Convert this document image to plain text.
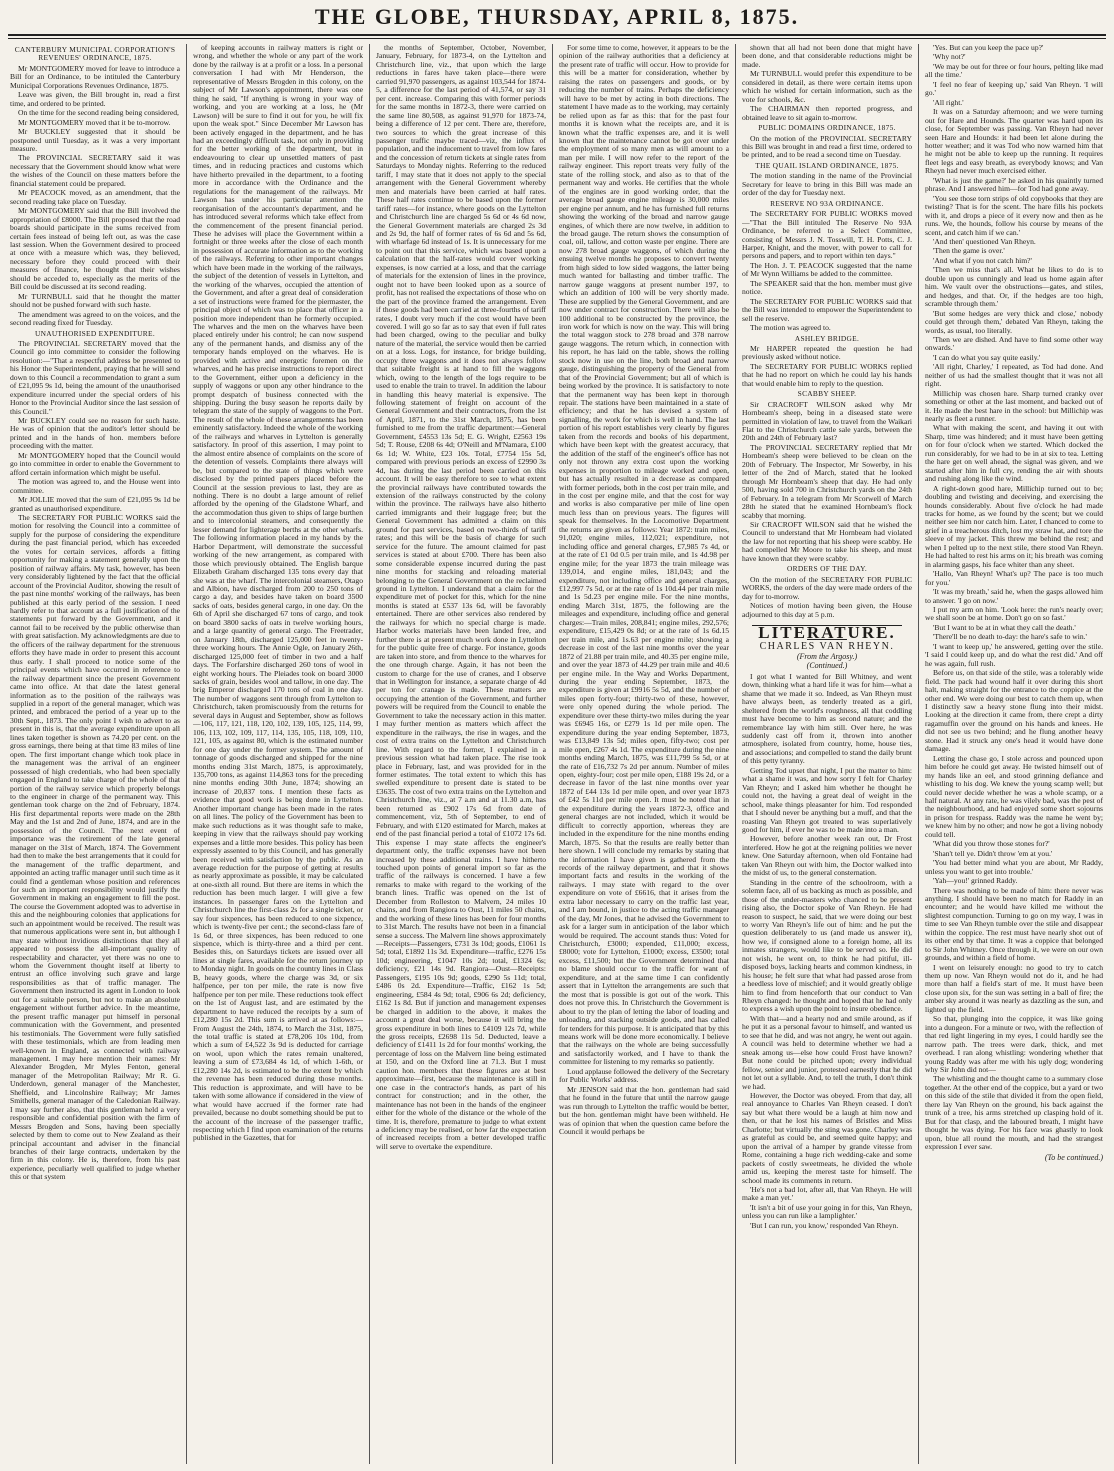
THE GLOBE, THURSDAY, APRIL 8, 1875.
CANTERBURY MUNICIPAL CORPORATION'S REVENUES' ORDINANCE, 1875.

Mr MONTGOMERY moved for leave to introduce a Bill for an Ordinance, to be intituled the Canterbury Municipal Corporations Revenues Ordinance, 1875.

Leave was given, the Bill brought in, read a first time, and ordered to be printed.

On the time for the second reading being considered,

Mr MONTGOMERY moved that it be to-morrow.

Mr BUCKLEY suggested that it should be postponed until Tuesday, as it was a very important measure.

The PROVINCIAL SECRETARY said it was necessary that the Government should know what were the wishes of the Council on these matters before the financial statement could be prepared.

Mr PEACOCK moved, as an amendment, that the second reading take place on Tuesday.

Mr MONTGOMERY said that the Bill involved the appropriation of £8000. The Bill proposed that the road boards should participate in the sums received from certain fees instead of being left out, as was the case last session. When the Government desired to proceed at once with a measure which was, they believed, necessary before they could proceed with their measures of finance, he thought that their wishes should be acceded to, especially as the merits of the Bill could be discussed at its second reading.

Mr TURNBULL said that he thought the matter should not be pushed forward with such haste.

The amendment was agreed to on the voices, and the second reading fixed for Tuesday.

UNAUTHORISED EXPENDITURE.

The PROVINCIAL SECRETARY moved that the Council go into committee to consider the following resolution:—"That a respectful address be presented to his Honor the Superintendent, praying that he will send down to this Council a recommendation to grant a sum of £21,095 9s 1d, being the amount of the unauthorised expenditure incurred under the special orders of his Honor to the Provincial Auditor since the last session of this Council."

Mr BUCKLEY could see no reason for such haste. He was of opinion that the auditor's letter should be printed and in the hands of hon. members before proceeding with the matter.

Mr MONTGOMERY hoped that the Council would go into committee in order to enable the Government to afford certain information which might be useful.

The motion was agreed to, and the House went into committee.

Mr JOLLIE moved that the sum of £21,095 9s 1d be granted as unauthorised expenditure.

The SECRETARY FOR PUBLIC WORKS said the motion for resolving the Council into a committee of supply for the purpose of considering the expenditure during the past financial period, which has exceeded the votes for certain services, affords a fitting opportunity for making a statement generally upon the position of railway affairs. My task, however, has been very considerably lightened by the fact that the official account of the Provincial Auditor, showing the result of the past nine months' working of the railways, has been published at this early period of the session. I need hardly refer to that account as a full justification of the statements put forward by the Government, and it cannot fail to be received by the public otherwise than with great satisfaction. My acknowledgments are due to the officers of the railway department for the strenuous efforts they have made in order to present this account thus early. I shall proceed to notice some of the principal events which have occurred in reference to the railway department since the present Government came into office. At that date the latest general information as to the position of the railways was supplied in a report of the general manager, which was printed, and embraced the period of a year up to the 30th Sept., 1873. The only point I wish to advert to as present in this is, that the average expenditure upon all lines taken together is shown as 74.20 per cent. on the gross earnings, there being at that time 83 miles of line open. The first important change which took place in the management was the arrival of an engineer possessed of high credentials, who had been specially engaged in England to take charge of the whole of that portion of the railway service which properly belongs to the engineer in charge of the permanent way. This gentleman took charge on the 2nd of February, 1874. His first departmental reports were made on the 28th May and the 1st and 2nd of June, 1874, and are in the possession of the Council. The next event of importance was the retirement of the late general manager on the 31st of March, 1874. The Government had then to make the best arrangements that it could for the management of the traffic department, and appointed an acting traffic manager until such time as it could find a gentleman whose position and references for such an important responsibility would justify the Government in making an engagement to fill the post. The course the Government adopted was to advertise in this and the neighbouring colonies that applications for such an appointment would be received. The result was that numerous applications were sent in, but although I may state without invidious distinctions that they all appeared to possess the all-important quality of respectability and character, yet there was no one to whom the Government thought itself at liberty to entrust an office involving such grave and large responsibilities as that of traffic manager. The Government then instructed its agent in London to look out for a suitable person, but not to make an absolute engagement without further advice. In the meantime, the present traffic manager put himself in personal communication with the Government, and presented his testimonials. The Government were fully satisfied with these testimonials, which are from leading men well-known in England, as connected with railway management. I may here mention their names: Mr Alexander Brogden, Mr Myles Fenton, general manager of the Metropolitan Railway; Mr R. G. Underdown, general manager of the Manchester, Sheffield, and Lincolnshire Railway; Mr James Smithells, general manager of the Caledonian Railway. I may say further also, that this gentleman held a very responsible and confidential position with the firm of Messrs Brogden and Sons, having been specially selected by them to come out to New Zealand as their principal accountant and adviser in the financial branches of their large contracts, undertaken by the firm in this colony. He is, therefore, from his past experience, peculiarly well qualified to judge whether this or that system

of keeping accounts in railway matters is right or wrong, and whether the whole or any part of the work done by the railway is at a profit or a loss. In a personal conversation I had with Mr Henderson, the representative of Messrs Brogden in this colony, on the subject of Mr Lawson's appointment, there was one thing he said, "If anything is wrong in your way of working, and you are working at a loss, he (Mr Lawson) will be sure to find it out for you, he will fix upon the weak spot." Since December Mr Lawson has been actively engaged in the department, and he has had an exceedingly difficult task, not only in providing for the better working of the department, but in endeavouring to clear up unsettled matters of past times, and in reducing practices and customs which have hitherto prevailed in the department, to a footing more in accordance with the Ordinance and the regulations for the management of the railways. Mr Lawson has under his particular attention the reorganisation of the accountant's department, and he has introduced several reforms which take effect from the commencement of the present financial period. These he advises will place the Government within a fortnight or three weeks after the close of each month in possession of accurate information as to the working of the railways. Referring to other important changes which have been made in the working of the railways, the subject of the detention of vessels in Lyttelton, and the working of the wharves, occupied the attention of the Government, and after a great deal of consideration a set of instructions were framed for the piermaster, the principal object of which was to place that officer in a position more independent than he formerly occupied. The wharves and the men on the wharves have been placed entirely under his control; he can now suspend any of the permanent hands, and dismiss any of the temporary hands employed on the wharves. He is provided with active and energetic foremen on the wharves, and he has precise instructions to report direct to the Government, either upon a deficiency in the supply of waggons or upon any other hindrance to the prompt despatch of business connected with the shipping. During the busy season he reports daily by telegram the state of the supply of waggons to the Port. The result of the whole of these arrangements has been eminently satisfactory. Indeed the whole of the working of the railways and wharves in Lyttelton is generally satisfactory. In proof of this assertion, I may point to the almost entire absence of complaints on the score of the detention of vessels. Complaints there always will be, but compared to the state of things which were disclosed by the printed papers placed before the Council at the session previous to last, they are as nothing. There is no doubt a large amount of relief afforded by the opening of the Gladstone Wharf, and the accommodation thus given to ships of large burthen and to intercolonial steamers, and consequently the lesser demand for lighterage berths at the other wharfs. The following information placed in my hands by the Harbor Department, will demonstrate the successful working of the new arrangement, as compared with those which previously obtained. The English barque Elizabeth Graham discharged 135 tons every day that she was at the wharf. The intercolonial steamers, Otago and Albion, have discharged from 200 to 250 tons of cargo a day, and besides have taken on board 3500 sacks of oats, besides general cargo, in one day. On the 6th of April she discharged 67 tons of cargo, and took on board 3800 sacks of oats in twelve working hours, and a large quantity of general cargo. The Freetrader, on January 18th, discharged 125,000 feet in twenty-three working hours. The Annie Ogle, on January 26th, discharged 125,000 feet of timber in two and a half days. The Forfarshire discharged 260 tons of wool in eight working hours. The Pleiades took on board 3000 sacks of grain, besides wool and tallow, in one day. The brig Emperor discharged 170 tons of coal in one day. The number of waggons sent through from Lyttelton to Christchurch, taken promiscuously from the returns for several days in August and September, show as follows—106, 117, 121, 118, 120, 102, 139, 105, 125, 114, 99, 106, 113, 102, 109, 117, 114, 135, 105, 118, 109, 110, 121, 105, as against 80, which is the estimated number for one day under the former system. The amount of tonnage of goods discharged and shipped for the nine months ending 31st March, 1875, is approximately, 135,700 tons, as against 114,863 tons for the preceding nine months ending 30th June, 1874; showing an increase of 20,837 tons. I mention these facts as evidence that good work is being done in Lyttelton. Another important change has been made in the rates on all lines. The policy of the Government has been to make such reductions as it was thought safe to make, keeping in view that the railways should pay working expenses and a little more besides. This policy has been expressly assented to by this Council, and has generally been received with satisfaction by the public. As an average reduction for the purpose of getting at results as nearly approximate as possible, it may be calculated at one-sixth all round. But there are items in which the reduction has been much larger. I will give a few instances. In passenger fares on the Lyttelton and Christchurch line the first-class 2s for a single ticket, or say four sixpences, has been reduced to one sixpence, which is twenty-five per cent.; the second-class fare of 1s 6d, or three sixpences, has been reduced to one sixpence, which is thirty-three and a third per cent. Besides this, on Saturdays tickets are issued over all lines at single fares, available for the return journey up to Monday night. In goods on the country lines in Class B, heavy goods, where the charge was 3d, or six halfpence, per ton per mile, the rate is now five halfpence per ton per mile. These reductions took effect on the 1st of August last, and are estimated by the department to have reduced the receipts by a sum of £12,280 15s 2d. This sum is arrived at as follows:—From August the 24th, 1874, to March the 31st, 1875, the total traffic is stated at £78,206 10s 10d, from which a sum of £4,522 3s 9d is deducted for carriage on wool, upon which the rates remain unaltered, leaving a sum of £73,684 4s 1d, of which 1-6th, or £12,280 14s 2d, is estimated to be the extent by which the revenue has been reduced during those months. This reduction is approximate, and will have to be taken with some allowance if considered in the view of what would have accrued if the former rate had prevailed, because no doubt something should be put to the account of the increase of the passenger traffic, respecting which I find upon examination of the returns published in the Gazettes, that for

the months of September, October, November, January, February, for 1873-4, on the Lyttelton and Christchurch line, viz., that upon which the large reductions in fares have taken place—there were carried 91,970 passengers, as against 103,544 for 1874-5, a difference for the last period of 41,574, or say 31 per cent. increase. Comparing this with former periods for the same months in 1872-3, there were carried on the same line 80,508, as against 91,970 for 1873-74, being a difference of 12 per cent. There are, therefore, two sources to which the great increase of this passenger traffic maybe traced—viz, the influx of population, and the inducement to travel from low fares and the concession of return tickets at single rates from Saturdays to Monday nights. Referring to the reduced tariff, I may state that it does not apply to the special arrangement with the General Government whereby men and materials have been carried at half rates. These half rates continue to be based upon the former tariff rates—for instance, where goods on the Lyttelton and Christchurch line are charged 5s 6d or 4s 6d now, the General Government materials are charged 2s 3d and 2s 9d, the half of former rates of 6s 6d and 5s 6d, with wharfage 6d instead of 1s. It is unnecessary for me to point out that this service, which was based upon a calculation that the half-rates would cover working expenses, is now carried at a loss, and that the carriage of materials for the extension of lines in the province, ought not to have been looked upon as a source of profit, has not realised the expectations of those who on the part of the province framed the arrangement. Even if those goods had been carried at three-fourths of tariff rates, I doubt very much if the cost would have been covered. I will go so far as to say that even if full rates had been charged, owing to the peculiar and bulky nature of the material, the service would then be carried on at a loss. Logs, for instance, for bridge building, occupy three waggons and it does not always follow that suitable freight is at hand to fill the waggons which, owing to the length of the logs require to be used to enable the train to travel. In addition the labour in handling this heavy material is expensive. The following statement of freight on account of the General Government and their contractors, from the 1st of April, 1871, to the 31st March, 1875, has been furnished to me from the traffic department:—General Government, £4553 13s 5d; E. G. Wright, £2563 19s 5d; T. Rouse, £208 6s 4d; O'Neill and M'Namara, £100 6s 1d; W. White, £23 10s. Total, £7754 15s 5d, compared with previous periods an excess of £2990 3s 4d, has during the last period been carried on this account. It will be easy therefore to see to what extent the provincial railways have contributed towards the extension of the railways constructed by the colony within the province. The railways have also hitherto carried immigrants and their luggage free; but the General Government has admitted a claim on this ground for past services, based on two-thirds of tariff rates; and this will be the basis of charge for such service for the future. The amount claimed for past services is stated at about £700. There has been also some considerable expense incurred during the past nine months for stacking and reloading material belonging to the General Government on the reclaimed ground in Lyttelton. I understand that a claim for the expenditure met of pocket for this, which for the nine months is stated at £537 13s 6d, will be favorably entertained. There are other services also rendered by the railways for which no special charge is made. Harbor works materials have been landed free, and further there is at present much work done in Lyttelton for the public quite free of charge. For instance, goods are taken into store, and from thence to the wharves for the one through charge. Again, it has not been the custom to charge for the use of cranes, and I observe that in Wellington for instance, a separate charge of 4d per ton for cranage is made. These matters are occupying the attention of the Government, and further powers will be required from the Council to enable the Government to take the necessary action in this matter. I may further mention as matters which affect the expenditure in the railways, the rise in wages, and the cost of extra trains on the Lyttelton and Christchurch line. With regard to the former, I explained in a previous session what had taken place. The rise took place in February, last, and was provided for in the former estimates. The total extent to which this has swelled expenditure to present date is stated to be £3635. The cost of two extra trains on the Lyttelton and Christchurch line, viz., at 7 a.m and at 11.30 a.m, has been returned as £902 17s 6d from date of commencement, viz, 5th of September, to end of February, and with £120 estimated for March, makes at end of the past financial period a total of £1072 17s 6d. This expense I may state affects the engineer's department only, the traffic expenses have not been increased by these additional trains. I have hitherto touched upon points of general import so far as the traffic of the railways is concerned. I have a few remarks to make with regard to the working of the branch lines. Traffic was opened on the 1st of December from Rolleston to Malvern, 24 miles 10 chains, and from Rangiora to Oust, 11 miles 50 chains, and the working of these lines has been for four months to 31st March. The results have not been in a financial sense a success. The Malvern line shows approximately—Receipts—Passengers, £731 3s 10d; goods, £1061 1s 5d; total, £1892 11s 3d. Expenditure—traffic, £276 15s 10d; engineering, £1047 10s 2d; total, £1324 6s; deficiency, £21 14s 9d. Rangiora—Oust—Receipts: Passengers, £195 10s 9d; goods, £290 5s 11d; total, £486 0s 2d. Expenditure—Traffic, £162 1s 5d; engineering, £584 4s 9d; total, £906 6s 2d; deficiency, £162 1s 8d. But if junction and management expenses be charged in addition to the above, it makes the account a great deal worse, because it will bring the gross expenditure in both lines to £4109 12s 7d, while the gross receipts, £2698 11s 5d. Deducted, leave a deficiency of £1411 1s 2d for four months' working, the percentage of loss on the Malvern line being estimated at 150, and on the Oxford line at 71.3. But I must caution hon. members that these figures are at best approximate—first, because the maintenance is still in one case in the contractor's hands, as part of his contract for construction; and in the other, the maintenance has not been in the hands of the engineer either for the whole of the distance or the whole of the time. It is, therefore, premature to judge to what extent a deficiency may be realised, or how far the expectation of increased receipts from a better developed traffic will serve to overtake the expenditure.

For some time to come, however, it appears to be the opinion of the railway authorities that a deficiency at the present rate of traffic will occur. How to provide for this will be a matter for consideration, whether by raising the rates on passengers and goods, or by reducing the number of trains. Perhaps the deficiency will have to be met by acting in both directions. The statement I have made as to the working, may certainly be relied upon as far as this: that for the past four months it is known what the receipts are, and it is known what the traffic expenses are, and it is well known that the maintenance cannot be got over under the employment of so many men as will amount to a man per mile. I will now refer to the report of the railway engineer. This report treats very fully of the state of the rolling stock, and also as to that of the permanent way and works. He certifies that the whole of the engines are in good working order, that the average broad gauge engine mileage is 30,000 miles per engine per annum, and he has furnished full returns showing the working of the broad and narrow gauge engines, of which there are now twelve, in addition to the broad gauge. The return shows the consumption of coal, oil, tallow, and cotton waste per engine. There are now 278 broad gauge waggons, of which during the ensuing twelve months he proposes to convert twenty from high sided to low sided waggons, the latter being much wanted for ballasting and timber traffic. The narrow gauge waggons at present number 197, to which an addition of 100 will be very shortly made. These are supplied by the General Government, and are now under contract for construction. There will also be 100 additional to be constructed by the province, the iron work for which is now on the way. This will bring the total waggon stock to 278 broad and 378 narrow gauge waggons. The return which, in connection with his report, he has laid on the table, shows the rolling stock now in use on the line, both broad and narrow gauge, distinguishing the property of the General from that of the Provincial Government; but all of which is being worked by the province. It is satisfactory to note that the permanent way has been kept in thorough repair. The stations have been maintained in a state of efficiency; and that he has devised a system of signalling, the work for which is well in hand. The last portion of his report establishes very clearly by figures taken from the records and books of his department, which have been kept with the greatest accuracy, that the addition of the staff of the engineer's office has not only not thrown any extra cost upon the working expenses in proportion to mileage worked and open, but has actually resulted in a decrease as compared with former periods, both in the cost per train mile, and in the cost per engine mile, and that the cost for way and works is also comparative per mile of line open much less than on previous years. The figures will speak for themselves. In the Locomotive Department the returns are given as follows: Year 1872: train miles, 91,020; engine miles, 112,021; expenditure, not including office and general charges, £7,985 7s 4d, or at the rate of £1 0d 0.5 per train mile, and 1s 4d.98 per engine mile; for the year 1873 the train mileage was 139,014, and engine miles, 181,043; and the expenditure, not including office and general charges, £12,997 7s 5d, or at the rate of 1s 10d.44 per train mile and 1s 5d.23 per engine mile. For the nine months, ending March 31st, 1875, the following are the mileages and expenditure, including office and general charges:—Train miles, 208,841; engine miles, 292,576; expenditure, £15,429 0s 8d; or at the rate of 1s 6d.15 per train mile, and 1s.63 per engine mile; showing a decrease in cost of the last nine months over the year 1872 of 21.88 per train mile, and 40.35 per engine mile, and over the year 1873 of 44.29 per train mile and 40.6 per engine mile. In the Way and Works Department, during the year ending September, 1873, the expenditure is given at £9916 5s 5d, and the number of miles open forty-four; thirty-two of these, however, were only opened during the whole period. The expenditure over these thirty-two miles during the year was £6945 16s, or £279 1s 1d per mile open. The expenditure during the year ending September, 1873, was £13,849 13s 5d; miles open, fifty-two; cost per mile open, £267 4s 1d. The expenditure during the nine months ending March, 1875, was £11,799 5s 5d, or at the rate of £16,732 7s 2d per annum. Number of miles open, eighty-four; cost per mile open, £188 19s 2d, or a decrease in favor of the last nine months over year 1872 of £44 13s 1d per mile open, and over year 1873 of £42 5s 11d per mile open. It must be noted that in the expenditure during the years 1872-3, office and general charges are not included, which it would be difficult to correctly apportion, whereas they are included in the expenditure for the nine months ending March, 1875. So that the results are really better than here shown. I will conclude my remarks by stating that the information I have given is gathered from the records of the railway department, and that it shows important facts and results in the working of the railways. I may state with regard to the over expenditure on vote of £6616, that it arises from the extra labor necessary to carry on the traffic last year, and I am bound, in justice to the acting traffic manager of the day, Mr Jones, that he advised the Government to ask for a larger sum in anticipation of the labor which would be required. The account stands thus: Voted for Christchurch, £3000; expended, £11,000; excess, £8000; vote for Lyttelton, £1000; excess, £3500; total excess, £11,500; but the Government determined that no blame should occur to the traffic for want of expenditure, and at the same time I can confidently assert that in Lyttelton the arrangements are such that the most that is possible is got out of the work. This does not prove this. In Christchurch the Government is about to try the plan of letting the labor of loading and unloading, and stacking outside goods, and has called for tenders for this purpose. It is anticipated that by this means work will be done more economically. I believe that the railways on the whole are being successfully and satisfactorily worked, and I have to thank the committee for listening to my remarks so patiently.

Loud applause followed the delivery of the Secretary for Public Works' address.

Mr JENSON said that the hon. gentleman had said that he found in the future that until the narrow gauge was run through to Lyttelton the traffic would be better, but the hon. gentleman might have been withheld. He was of opinion that when the question came before the Council it would perhaps be

shown that all had not been done that might have been done, and that considerable reductions might be made.

Mr TURNBULL would prefer this expenditure to be considered in detail, as there were certain items upon which he wished for certain information, such as the vote for schools, &c.

The CHAIRMAN then reported progress, and obtained leave to sit again to-morrow.

PUBLIC DOMAINS ORDINANCE, 1875.

On the motion of the PROVINCIAL SECRETARY this Bill was brought in and read a first time, ordered to be printed, and to be read a second time on Tuesday.

THE QUAIL ISLAND ORDINANCE, 1875.

The motion standing in the name of the Provincial Secretary for leave to bring in this Bill was made an order of the day for Tuesday next.

RESERVE NO 93A ORDINANCE.

The SECRETARY FOR PUBLIC WORKS moved—"That the Bill intituled The Reserve No 93A Ordinance, be referred to a Select Committee, consisting of Messrs J. N. Tosswill, T. H. Potts, C. J. Harper, Knight, and the mover, with power to call for persons and papers, and to report within ten days."

The Hon. J. T. PEACOCK suggested that the name of Mr Wynn Williams be added to the committee.

The SPEAKER said that the hon. member must give notice.

The SECRETARY FOR PUBLIC WORKS said that the Bill was intended to empower the Superintendent to sell the reserve.

The motion was agreed to.

ASHLEY BRIDGE.

Mr HARPER repeated the question he had previously asked without notice.

The SECRETARY FOR PUBLIC WORKS replied that he had no report on which he could lay his hands that would enable him to reply to the question.

SCABBY SHEEP.

Sir CRACROFT WILSON asked why Mr Hornbeam's sheep, being in a diseased state were permitted in violation of law, to travel from the Waikari Flat to the Christchurch cattle sale yards, between the 20th and 24th of February last?

The PROVINCIAL SECRETARY replied that Mr Hornbeam's sheep were believed to be clean on the 20th of February. The Inspector, Mr Sowerby, in his letter of the 2nd of March, stated that he looked through Mr Hornbeam's sheep that day. He had only 500, having sold 700 in Christchurch yards on the 24th of February. In a telegram from Mr Scorwell of March 28th he stated that he examined Hornbeam's flock scabby that morning.

Sir CRACROFT WILSON said that he wished the Council to understand that Mr Hornbeam had violated the law for not reporting that his sheep were scabby. He had compelled Mr Moore to take his sheep, and must have known that they were scabby.

ORDERS OF THE DAY.

On the motion of the SECRETARY FOR PUBLIC WORKS, the orders of the day were made orders of the day for to-morrow.

Notices of motion having been given, the House adjourned to this day at 5 p.m.

LITERATURE.
CHARLES VAN RHEYN.
(From the Argosy.)
(Continued.)

I got what I wanted for Bill Whitney, and went down, thinking what a hard life it was for him—what a shame that we made it so. Indeed, as Van Rheyn must have always been, as tenderly treated as a girl, sheltered from the world's roughness, all that coddling must have become to him as second nature; and the remembrance lay with him still. Over here, he was suddenly cast off from it, thrown into another atmosphere, isolated from country, home, house ties, and associations; and compelled to stand the daily brunt of this petty tyranny.

Getting Tod upset that night, I put the matter to him: what a shame it was, and how sorry I felt for Charley Van Rheyn; and I asked him whether he thought he could not, the having a great deal of weight in the school, make things pleasanter for him. Tod responded that I should never be anything but a muff, and that the roasting Van Rheyn got treated to was superlatively good for him, if ever he was to be made into a man.

However, before another week ran out, Dr Frost interfered. How he got at the reigning polities we never knew. One Saturday afternoon, when old Fontaine had taken Van Rheyn out with him, the Doctor walked into the midst of us, to the general consternation.

Standing in the centre of the schoolroom, with a solemn face, all of us backing as much as possible, and those of the under-masters who chanced to be present rising also, the Doctor spoke of Van Rheyn. He had reason to suspect, he said, that we were doing our best to worry Van Rheyn's life out of him: and he put the question deliberately to us (and made us answer it), how we, if consigned alone to a foreign home, all its inmates strangers, would like to be served so. He did not wish, he went on, to think he had pitiful, ill-disposed boys, lacking hearts and common kindness, in his house; he felt sure that what had passed arose from a heedless love of mischief; and it would greatly oblige him to find from henceforth that our conduct to Van Rheyn changed: he thought and hoped that he had only to express a wish upon the point to insure obedience.

With that—and a hearty nod and smile around, as if he put it as a personal favour to himself, and wanted us to see that he did, and was not angry, he went out again. A council was held to determine whether we had a sneak among us—else how could Frost have known? But none could be pitched upon; every individual fellow, senior and junior, protested earnestly that he did not let out a syllable. And, to tell the truth, I don't think we had.

However, the Doctor was obeyed. From that day, all real annoyance to Charles Van Rheyn ceased. I don't say but what there would be a laugh at him now and then, or that he lost his names of Bristles and Miss Charlotte; but virtually the sting was gone. Charley was as grateful as could be, and seemed quite happy; and upon the arrival of a hamper by grande vitesse from Rome, containing a huge rich wedding-cake and some packets of costly sweetmeats, he divided the whole amid us, keeping the merest taste for himself. The school made its comments in return.

'He's not a bad lot, after all, that Van Rheyn. He will make a man yet.'

'It isn't a bit of use your going in for this, Van Rheyn, unless you can run like a lamplighter.'

'But I can run, you know,' responded Van Rheyn.

'Yes. But can you keep the pace up?'

'Why not?'

'We may be out for three or four hours, pelting like mad all the time.'

'I feel no fear of keeping up,' said Van Rheyn. 'I will go.'

'All right.'

It was on a Saturday afternoon; and we were turning out for Hare and Hounds. The quarter was hard upon its close, for September was passing. Van Rheyn had never seen Hare and Hounds: it had been let alone during the hotter weather; and it was Tod who now warned him that he might not be able to keep up the running. It requires fleet legs and easy breath, as everybody knows; and Van Rheyn had never much exercised either.

'What is just the game?' he asked in his quaintly turned phrase. And I answered him—for Tod had gone away.

'You see those torn strips of old copybooks that they are twisting? That is for the scent. The hare fills his pockets with it, and drops a piece of it every now and then as he runs. We, the hounds, follow his course by means of the scent, and catch him if we can.'

'And then' questioned Van Rheyn.

'Then the game is over.'

'And what if you not catch him?'

'Then we miss that's all. What he likes to do is to double upon us cunningly and lead us home again after him. We vault over the obstructions—gates, and stiles, and hedges, and that. Or, if the hedges are too high, scramble through them.'

'But some hedges are very thick and close,' nobody could get through them,' debated Van Rheyn, taking the words, as usual, too literally.

'Then we are dished. And have to find some other way onwards.'

'I can do what you say quite easily.'

'All right, Charley,' I repeated, as Tod had done. And neither of us had the smallest thought that it was not all right.

Millichip was chosen hare. Sharp turned cranky over something or other at the last moment, and backed out of it. He made the best hare in the school: but Millichip was nearly as fleet a runner.

What with making the scent, and having it out with Sharp, time was hindered; and it must have been getting on for four o'clock when we started. Which docked the run considerably, for we had to be in at six to tea. Letting the hare get on well ahead, the signal was given, and we started after him in full cry, rending the air with shouts and rushing along like the wind.

A right-down good hare, Millichip turned out to be; doubling and twisting and deceiving, and exercising the hounds considerably. About five o'clock he had made tracks for home, as we found by the scent; but we could neither see him nor catch him. Later, I chanced to come to grief in a treacherous ditch, lost my straw hat, and tore the sleeve of my jacket. This threw me behind the rest; and when I pelted up to the next stile, there stood Van Rheyn. He had halted to rest his arms on it; his breath was coming in alarming gasps, his face whiter than any sheet.

'Hallo, Van Rheyn! What's up? The pace is too much for you.'

'It was my breath,' said he, when the gasps allowed him to answer. 'I go on now.'

I put my arm on him. 'Look here: the run's nearly over; we shall soon be at home. Don't go on so fast.'

'But I want to be at in what they call the death.'

'There'll be no death to-day: the hare's safe to win.'

'I want to keep up,' he answered, getting over the stile. 'I said I could keep up, and do what the rest did.' And off he was again, full rush.

Before us, on that side of the stile, was a tolerably wide field. The pack had wound half it over during this short halt, making straight for the entrance to the coppice at the other end. We were doing our best to catch them up, when I distinctly saw a heavy stone flung into their midst. Looking at the direction it came from, there crept a dirty ragamuffin over the ground on his hands and knees. He did not see us two behind; and he flung another heavy stone. Had it struck any one's head it would have done damage.

Letting the chase go, I stole across and pounced upon him before he could get away. He twisted himself out of my hands like an eel, and stood grinning defiance and whistling to his dog. We knew the young scamp well; but could never decide whether he was a whole scamp, or a half natural. At any rate, he was vilely bad, was the pest of the neighbourhood, and had enjoyed some short sojourns in prison for trespass. Raddy was the name he went by; we knew him by no other; and now he got a living nobody could tell.

'What did you throw those stones for?'

'Shan't tell ye. Didn't throw 'em at you.'

'You had better mind what you are about, Mr Raddy, unless you want to get into trouble.'

'Yah—you!' grinned Raddy.

There was nothing to be made of him: there never was anything. I should have been no match for Raddy in an encounter; and he would have killed me without the slightest compunction. Turning to go on my way, I was in time to see Van Rheyn tumble over the stile and disappear within the coppice. The rest must have nearly shot out of its other end by that time. It was a coppice that belonged to Sir John Whitney. Once through it, we were on our own grounds, and within a field of home.

I went on leisurely enough: no good to try to catch them up now. Van Rheyn would not do it, and he had more than half a field's start of me. It must have been close upon six, for the sun was setting in a ball of fire; the amber sky around it was nearly as dazzling as the sun, and lighted up the field.

So that, plunging into the coppice, it was like going into a dungeon. For a minute or two, with the reflection of that red light lingering in my eyes, I could hardly see the narrow path. The trees were dark, thick, and met overhead. I ran along whistling: wondering whether that young Raddy was after me with his ugly dog; wondering why Sir John did not—

The whistling and the thought came to a summary close together. At the other end of the coppice, but a yard or two on this side of the stile that divided it from the open field, there lay Van Rheyn on the ground, his back against the trunk of a tree, his arms stretched up clasping hold of it. But for that clasp, and the laboured breath, I might have thought he was dying. For his face was ghastly to look upon, blue all round the mouth, and had the strangest expression I ever saw.

(To be continued.)
